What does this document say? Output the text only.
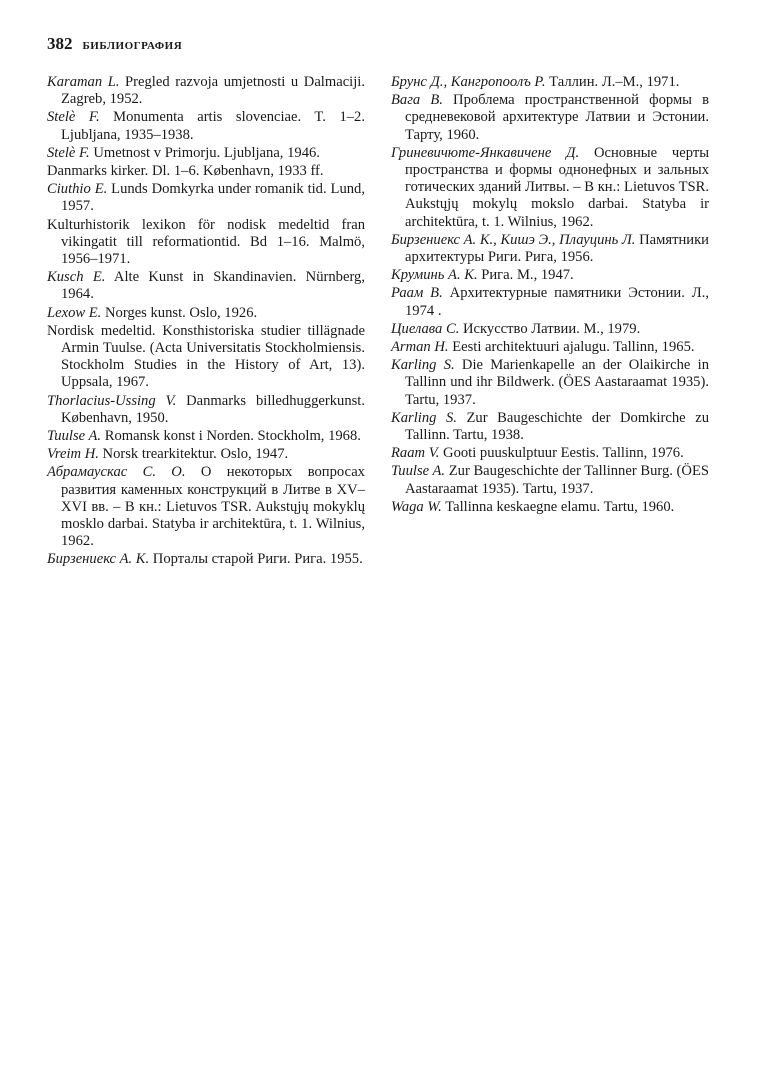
382 БИБЛИОГРАФИЯ
Karaman L. Pregled razvoja umjetnosti u Dalmaciji. Zagreb, 1952.
Stelè F. Monumenta artis slovenciae. T. 1–2. Ljubljana, 1935–1938.
Stelè F. Umetnost v Primorju. Ljubljana, 1946.
Danmarks kirker. Dl. 1–6. København, 1933 ff.
Ciuthio E. Lunds Domkyrka under romanik tid. Lund, 1957.
Kulturhistorik lexikon för nodisk medeltid fran vikingatit till reformationtid. Bd 1–16. Malmö, 1956–1971.
Kusch E. Alte Kunst in Skandinavien. Nürnberg, 1964.
Lexow E. Norges kunst. Oslo, 1926.
Nordisk medeltid. Konsthistoriska studier tillägnade Armin Tuulse. (Acta Universitatis Stockholmiensis. Stockholm Studies in the History of Art, 13). Uppsala, 1967.
Thorlacius-Ussing V. Danmarks billedhuggerkunst. København, 1950.
Tuulse A. Romansk konst i Norden. Stockholm, 1968.
Vreim H. Norsk trearkitektur. Oslo, 1947.
Абрамаускас С. О. О некоторых вопросах развития каменных конструкций в Литве в XV–XVI вв. – В кн.: Lietuvos TSR. Aukstųjų mokyklų mosklo darbai. Statyba ir architektūra, t. 1. Wilnius, 1962.
Бирзениекс А. К. Порталы старой Риги. Рига. 1955.
Брунс Д., Кангропоолъ Р. Таллин. Л.–М., 1971.
Вага В. Проблема пространственной формы в средневековой архитектуре Латвии и Эстонии. Тарту, 1960.
Гриневичюте-Янкавичене Д. Основные черты пространства и формы однонефных и зальных готических зданий Литвы. – В кн.: Lietuvos TSR. Aukstųjų mokylų mokslo darbai. Statyba ir architektūra, t. 1. Wilnius, 1962.
Бирзениекс А. К., Кишэ Э., Плауцинь Л. Памятники архитектуры Риги. Рига, 1956.
Круминь А. К. Рига. М., 1947.
Раам В. Архитектурные памятники Эстонии. Л., 1974 .
Циелава С. Искусство Латвии. М., 1979.
Arman H. Eesti architektuuri ajalugu. Tallinn, 1965.
Karling S. Die Marienkapelle an der Olaikirche in Tallinn und ihr Bildwerk. (ÖES Aastaraamat 1935). Tartu, 1937.
Karling S. Zur Baugeschichte der Domkirche zu Tallinn. Tartu, 1938.
Raam V. Gooti puuskulptuur Eestis. Tallinn, 1976.
Tuulse A. Zur Baugeschichte der Tallinner Burg. (ÖES Aastaraamat 1935). Tartu, 1937.
Waga W. Tallinna keskaegne elamu. Tartu, 1960.
